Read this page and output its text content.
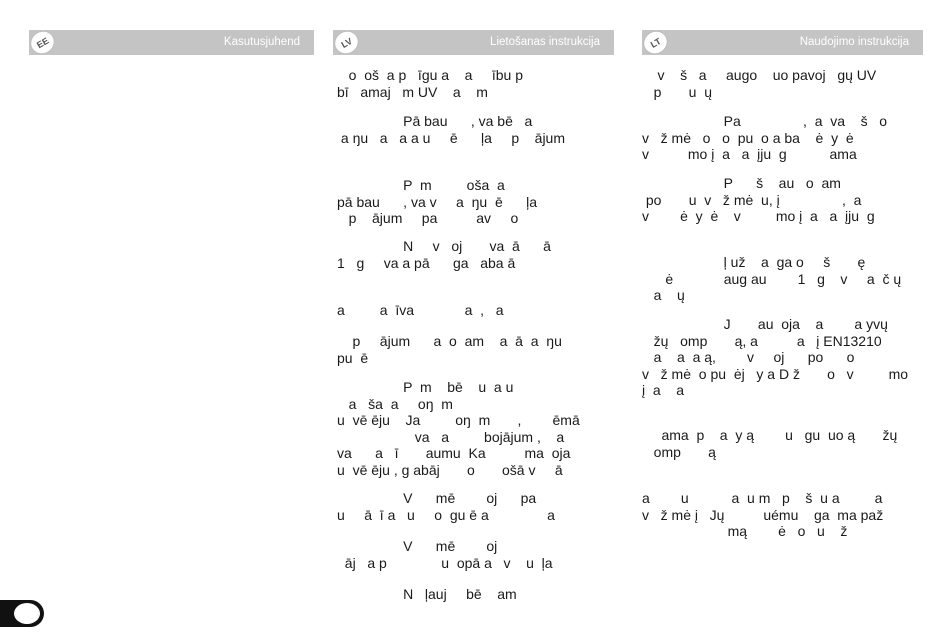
EE	Kasutusjuhend	LV	Lietošanas instrukcija

o  oš  a p   īgu a    a     ību p
bī   amaj   m UV    a    m

Pā bau      , va bē   a
a ŋu   a   a a u     ē      ļa     p    ājum

P  m         oša  a
pā bau      , va v     a  ŋu  ē      ļa
p    ājum     pa          av     o

N     v   oj       va  ā      ā
1   g     va a pā      ga   aba ā

a         a  īva             a  ,   a

p     ājum      a  o  am    a  ā  a  ŋu
pu  ē

P  m    bē    u  a u
a   ša  a     oŋ  m
u  vē ēju    Ja         oŋ  m       ,        ēmā
va   a         bojājum ,    a
va      a   ī       aumu  Ka          ma  oja
u  vē ēju , g abāj       o       ošā v     ā

V      mē        oj      pa
u     ā  ī a   u     o  gu ē a               a

V      mē        oj
āj   a p              u  opā a   v    u  ļa

N   ļauj     bē    am

LT	Naudojimo instrukcija

v    š   a     augo    uo pavoj   gų UV
p       u  ų

Pa                ,  a  va    š   o
v   ž mė   o   o  pu  o a ba    ė  y  ė
v          mo į  a   a  įju  g           ama

P      š    au   o  am
po       u  v   ž mė  u, į                ,  a
v        ė  y  ė    v         mo į  a   a  įju  g

ļ už    a  ga o     š       ę
ė             aug au        1   g    v     a  č ų
a    ų

J       au  oja    a        a yvų
žų   omp       ą, a          a   į EN13210
a    a  a ą,        v     oj      po      o
v   ž mė  o pu  ėj   y a D ž       o   v         mo
į  a    a

ama  p    a  y ą        u   gu  uo ą       žų
omp       ą

a        u           a  u m   p    š  u a         a
v   ž mė į   Jų          uému    ga  ma paž
mą        ė   o   u    ž
